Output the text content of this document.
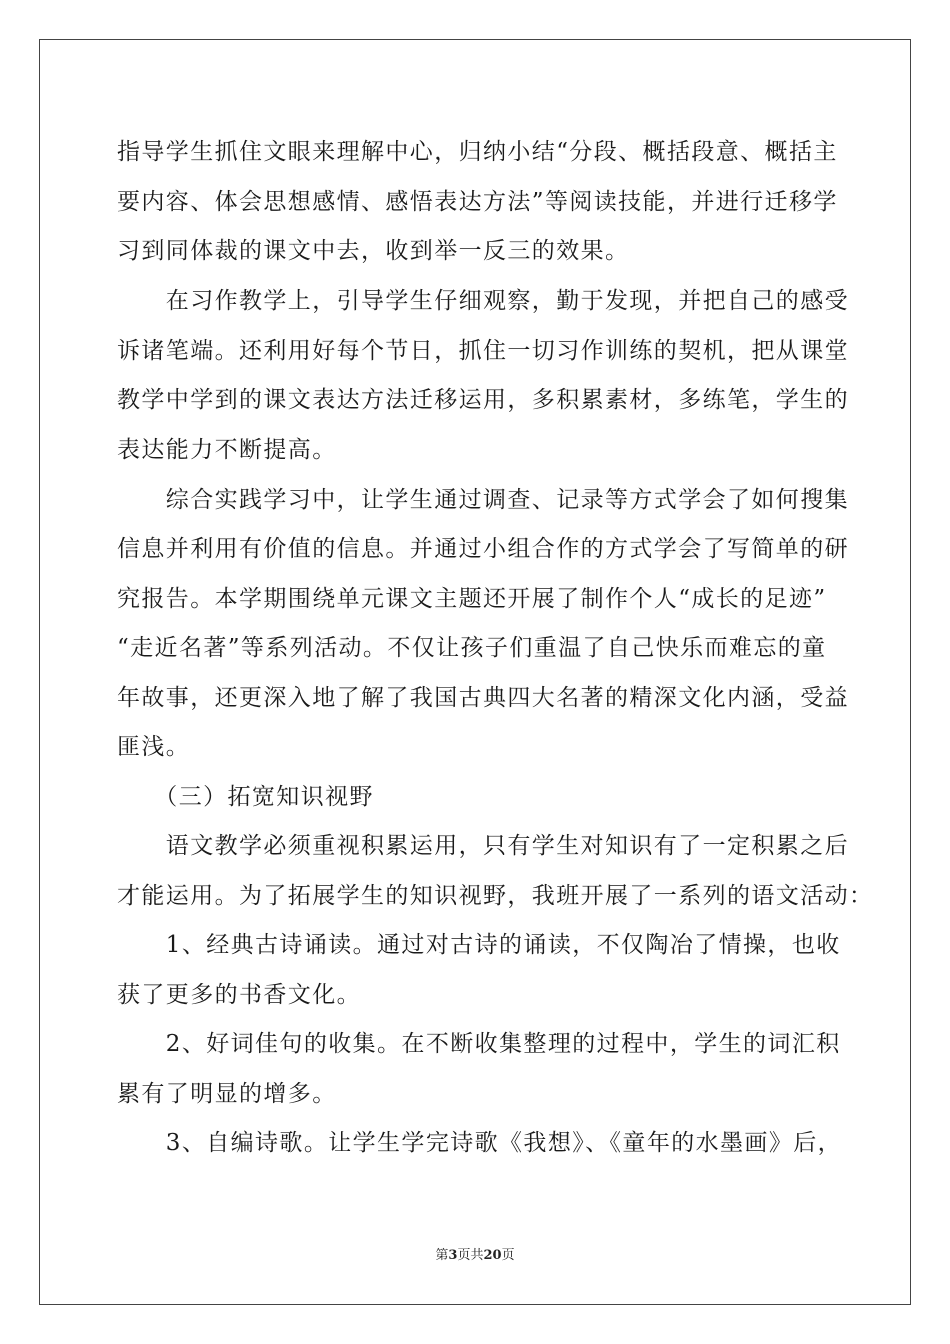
指导学生抓住文眼来理解中心，归纳小结“分段、概括段意、概括主
要内容、体会思想感情、感悟表达方法”等阅读技能，并进行迁移学
习到同体裁的课文中去，收到举一反三的效果。
　　在习作教学上，引导学生仔细观察，勤于发现，并把自己的感受
诉诸笔端。还利用好每个节日，抓住一切习作训练的契机，把从课堂
教学中学到的课文表达方法迁移运用，多积累素材，多练笔，学生的
表达能力不断提高。
　　综合实践学习中，让学生通过调查、记录等方式学会了如何搜集
信息并利用有价值的信息。并通过小组合作的方式学会了写简单的研
究报告。本学期围绕单元课文主题还开展了制作个人“成长的足迹”
“走近名著”等系列活动。不仅让孩子们重温了自己快乐而难忘的童
年故事，还更深入地了解了我国古典四大名著的精深文化内涵，受益
匪浅。
　　（三）拓宽知识视野
　　语文教学必须重视积累运用，只有学生对知识有了一定积累之后
才能运用。为了拓展学生的知识视野，我班开展了一系列的语文活动：
　　1、经典古诗诵读。通过对古诗的诵读，不仅陶冶了情操，也收
获了更多的书香文化。
　　2、好词佳句的收集。在不断收集整理的过程中，学生的词汇积
累有了明显的增多。
　　3、自编诗歌。让学生学完诗歌《我想》、《童年的水墨画》后，
第3页共20页
